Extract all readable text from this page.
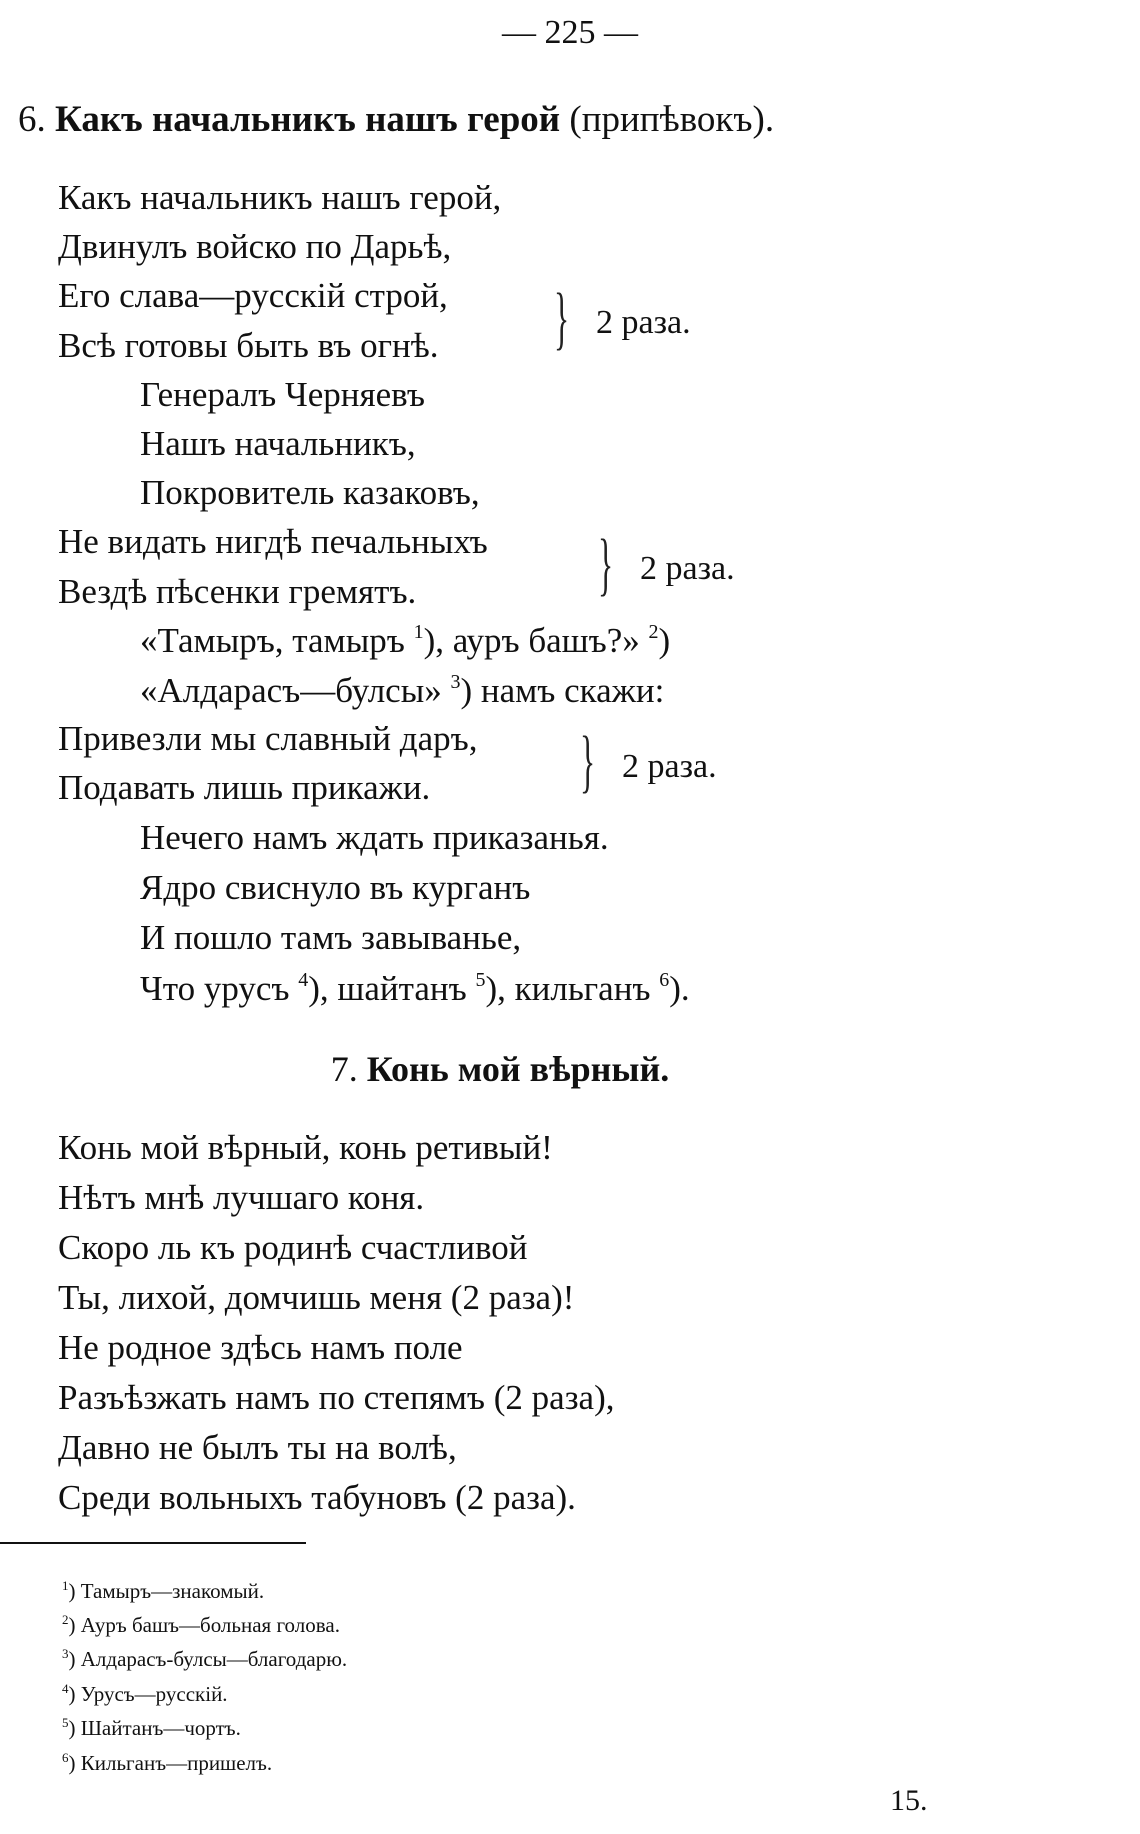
— 225 —
6. Какъ начальникъ нашъ герой (припѣвокъ).
Какъ начальникъ нашъ герой,
Двинулъ войско по Дарьѣ,
Его слава—русскій строй,
Всѣ готовы быть въ огнѣ. } 2 раза.
Генералъ Черняевъ
Нашъ начальникъ,
Покровитель казаковъ,
Не видать нигдѣ печальныхъ
Вездѣ пѣсенки гремятъ.	} 2 раза.
«Тамыръ, тамыръ $^1$), ауръ башъ?» $^2$)
«Алдарасъ—булсы» $^3$) намъ скажи:
Привезли мы славный даръ,
Подавать лишь прикажи. } 2 раза.
Нечего намъ ждать приказанья.
Ядро свиснуло въ курганъ
И пошло тамъ завыванье,
Что урусъ $^4$), шайтанъ $^5$), кильганъ $^6$).
7. Конь мой вѣрный.
Конь мой вѣрный, конь ретивый!
Нѣтъ мнѣ лучшаго коня.
Скоро ль къ родинѣ счастливой
Ты, лихой, домчишь меня (2 раза)!
Не родное здѣсь намъ поле
Разъѣзжать намъ по степямъ (2 раза),
Давно не былъ ты на волѣ,
Среди вольныхъ табуновъ (2 раза).
$^1$) Тамыръ—знакомый.
$^2$) Ауръ башъ—больная голова.
$^3$) Алдарасъ-булсы—благодарю.
$^4$) Урусъ—русскій.
$^5$) Шайтанъ—чортъ.
$^6$) Кильганъ—пришелъ.
15.
